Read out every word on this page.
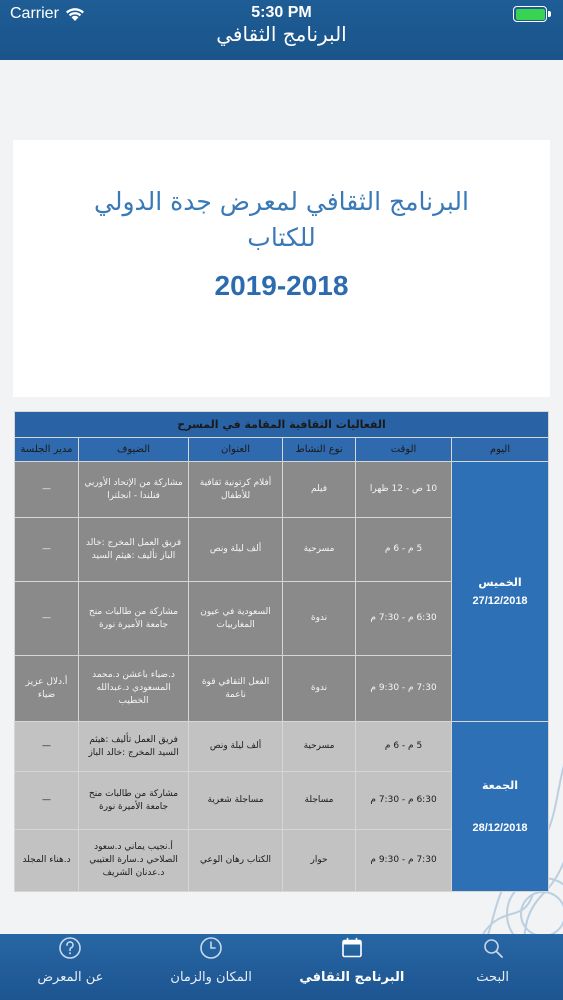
Carrier	5:30 PM
البرنامج الثقافي
البرنامج الثقافي لمعرض جدة الدولي
للكتاب
2019-2018
الفعاليات الثقافية المقامة في المسرح					
اليوم	الوقت	نوع النشاط	العنوان	الضيوف	مدير الجلسة
الخميس
27/12/2018	10 ص - 12 ظهرا	فيلم	أفلام كرتونية ثقافية للأطفال	مشاركة من الإتحاد الأوربي فنلندا - انجلترا	—
	5 م - 6 م	مسرحية	ألف ليلة ونص	فريق العمل المخرج :خالد الباز تأليف :هيثم السيد	—
	6:30 م - 7:30 م	ندوة	السعودية في عيون المغاربيات	مشاركة من طالبات منح جامعة الأميرة نورة	—
	7:30 م - 9:30 م	ندوة	الفعل الثقافي قوة ناعمة	د.ضياء باعشن د.محمد المسعودي د.عبدالله الخطيب	أ.دلال عزيز ضياء
الجمعة
28/12/2018	5 م - 6 م	مسرحية	ألف ليلة ونص	فريق العمل تأليف :هيثم السيد المخرج :خالد الباز	—
	6:30 م - 7:30 م	مساجلة	مساجلة شعرية	مشاركة من طالبات منح جامعة الأميرة نورة	—
	7:30 م - 9:30 م	حوار	الكتاب رهان الوعي	أ.نجيب يماني د.سعود الصلاحي د.سارة العتيبي د.عدنان الشريف	د.هناء المجلد
عن المعرض	المكان والزمان	البرنامج الثقافي	البحث
